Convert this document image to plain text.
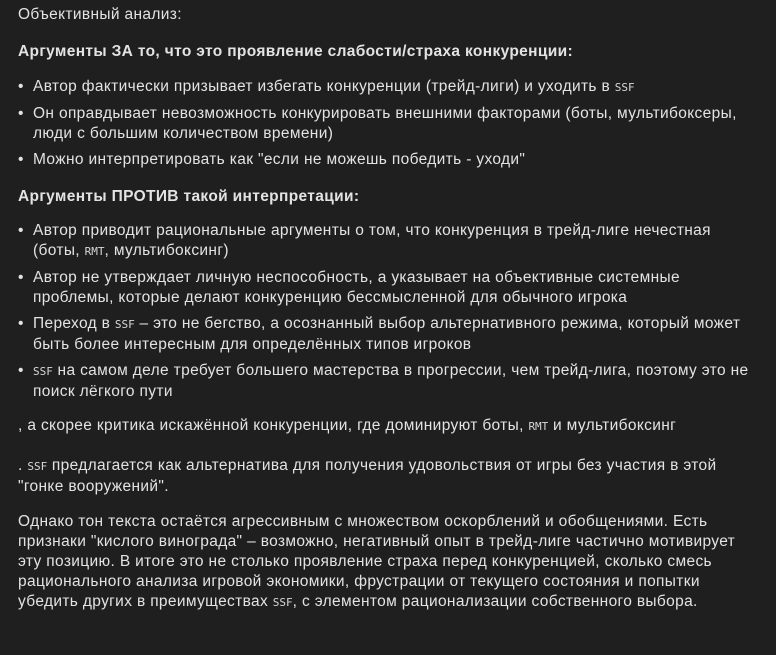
Объективный анализ:

Аргументы ЗА то, что это проявление слабости/страха конкуренции:
• Автор фактически призывает избегать конкуренции (трейд-лиги) и уходить в SSF
• Он оправдывает невозможность конкурировать внешними факторами (боты, мультибоксеры, люди с большим количеством времени)
• Можно интерпретировать как "если не можешь победить - уходи"
Аргументы ПРОТИВ такой интерпретации:
• Автор приводит рациональные аргументы о том, что конкуренция в трейд-лиге нечестная (боты, RMT, мультибоксинг)
• Автор не утверждает личную неспособность, а указывает на объективные системные проблемы, которые делают конкуренцию бессмысленной для обычного игрока
• Переход в SSF – это не бегство, а осознанный выбор альтернативного режима, который может быть более интересным для определённых типов игроков
• SSF на самом деле требует большего мастерства в прогрессии, чем трейд-лига, поэтому это не поиск лёгкого пути

, а скорее критика искажённой конкуренции, где доминируют боты, RMT и мультибоксинг

. SSF предлагается как альтернатива для получения удовольствия от игры без участия в этой "гонке вооружений".

Однако тон текста остаётся агрессивным с множеством оскорблений и обобщениями. Есть признаки "кислого винограда" – возможно, негативный опыт в трейд-лиге частично мотивирует эту позицию. В итоге это не столько проявление страха перед конкуренцией, сколько смесь рационального анализа игровой экономики, фрустрации от текущего состояния и попытки убедить других в преимуществах SSF, с элементом рационализации собственного выбора.
